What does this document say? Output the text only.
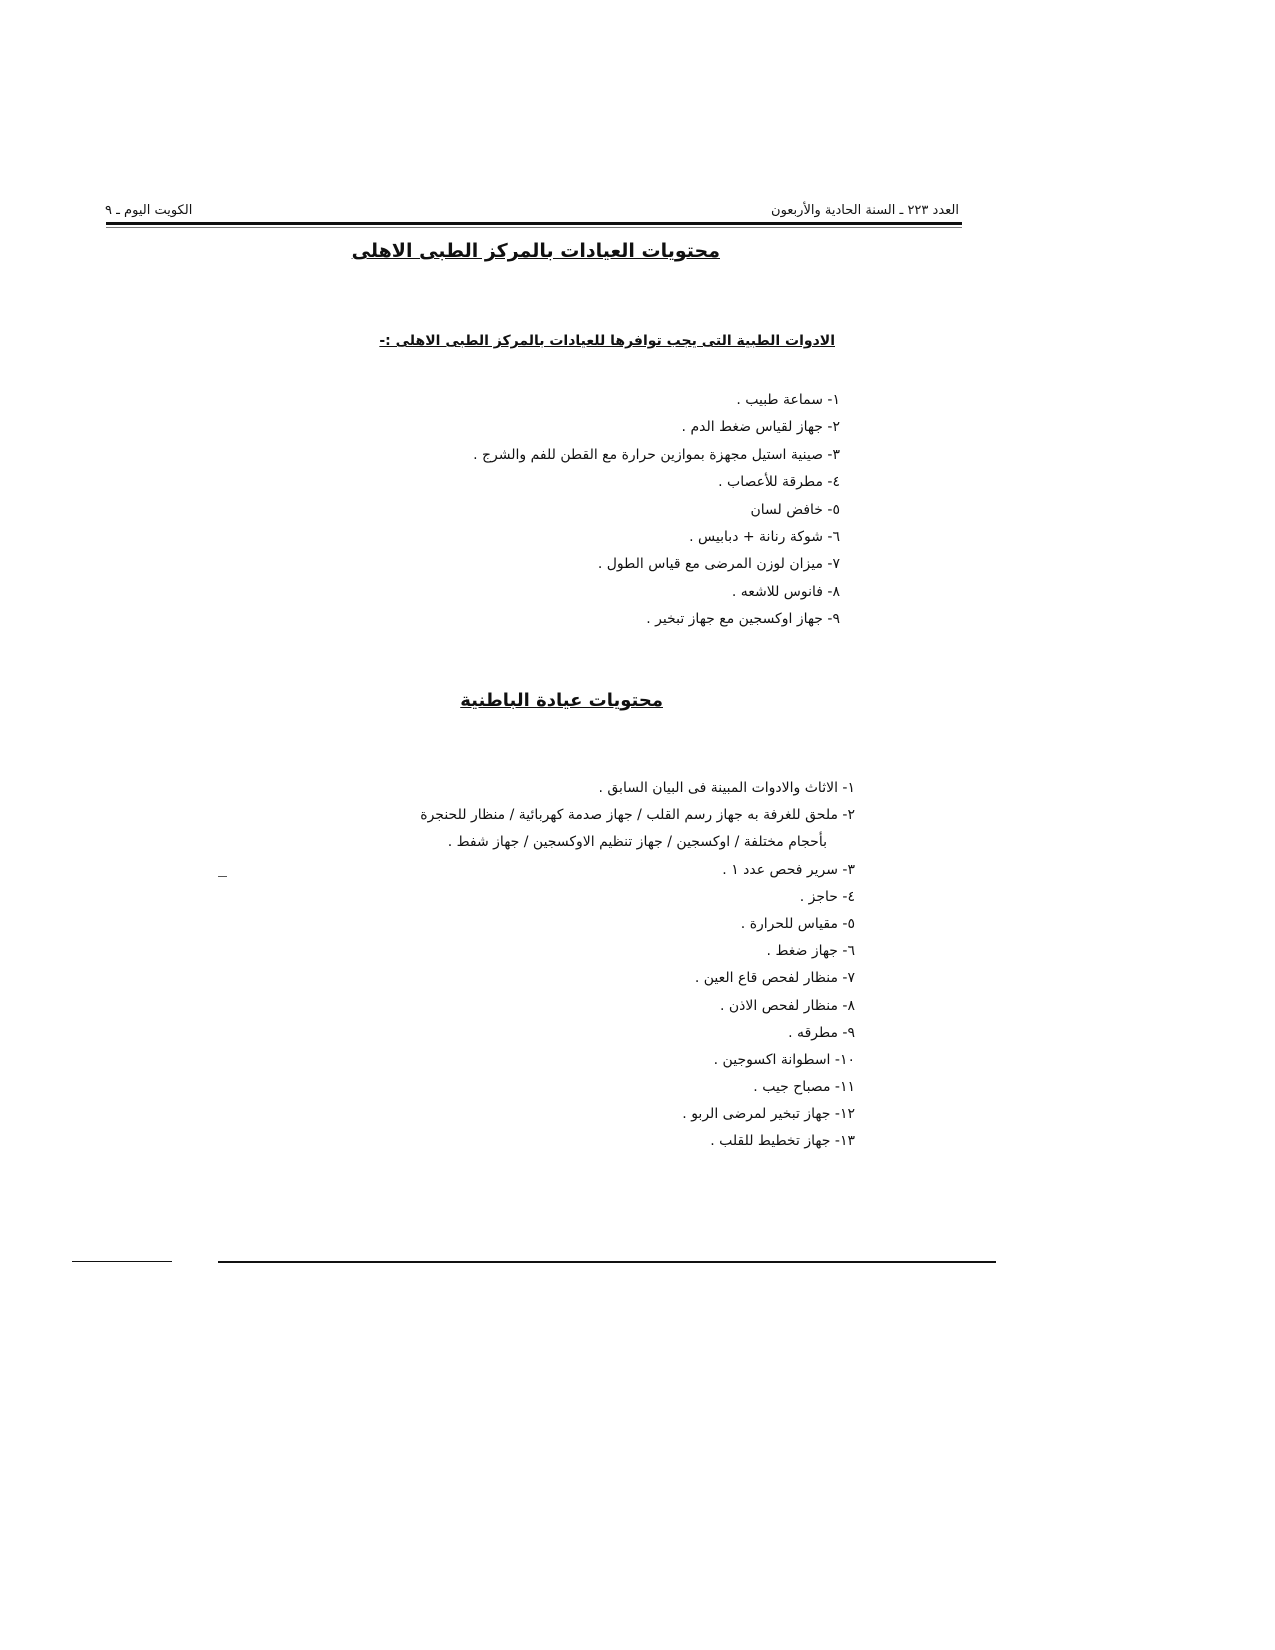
العدد ٢٢٣ ـ السنة الحادية والأربعون
الكويت اليوم ـ ٩
محتويات العيادات بالمركز الطبى الاهلى
الادوات الطبية التى يجب توافرها للعيادات بالمركز الطبى الاهلى :-
١- سماعة طبيب .
٢- جهاز لقياس ضغط الدم .
٣- صينية استيل مجهزة بموازين حرارة مع القطن للفم والشرج .
٤- مطرقة للأعصاب .
٥- خافض لسان
٦- شوكة رنانة + دبابيس .
٧- ميزان لوزن المرضى مع قياس الطول .
٨- فانوس للاشعه .
٩- جهاز اوكسجين مع جهاز تبخير .
محتويات عيادة الباطنية
١- الاثاث والادوات المبينة فى البيان السابق .
٢- ملحق للغرفة به جهاز رسم القلب / جهاز صدمة كهربائية / منظار للحنجرة
بأحجام مختلفة / اوكسجين / جهاز تنظيم الاوكسجين / جهاز شفط .
٣- سرير فحص عدد ١ .
٤- حاجز .
٥- مقياس للحرارة .
٦- جهاز ضغط .
٧- منظار لفحص قاع العين .
٨- منظار لفحص الاذن .
٩- مطرقه .
١٠- اسطوانة اكسوجين .
١١- مصباح جيب .
١٢- جهاز تبخير لمرضى الربو .
١٣- جهاز تخطيط للقلب .
